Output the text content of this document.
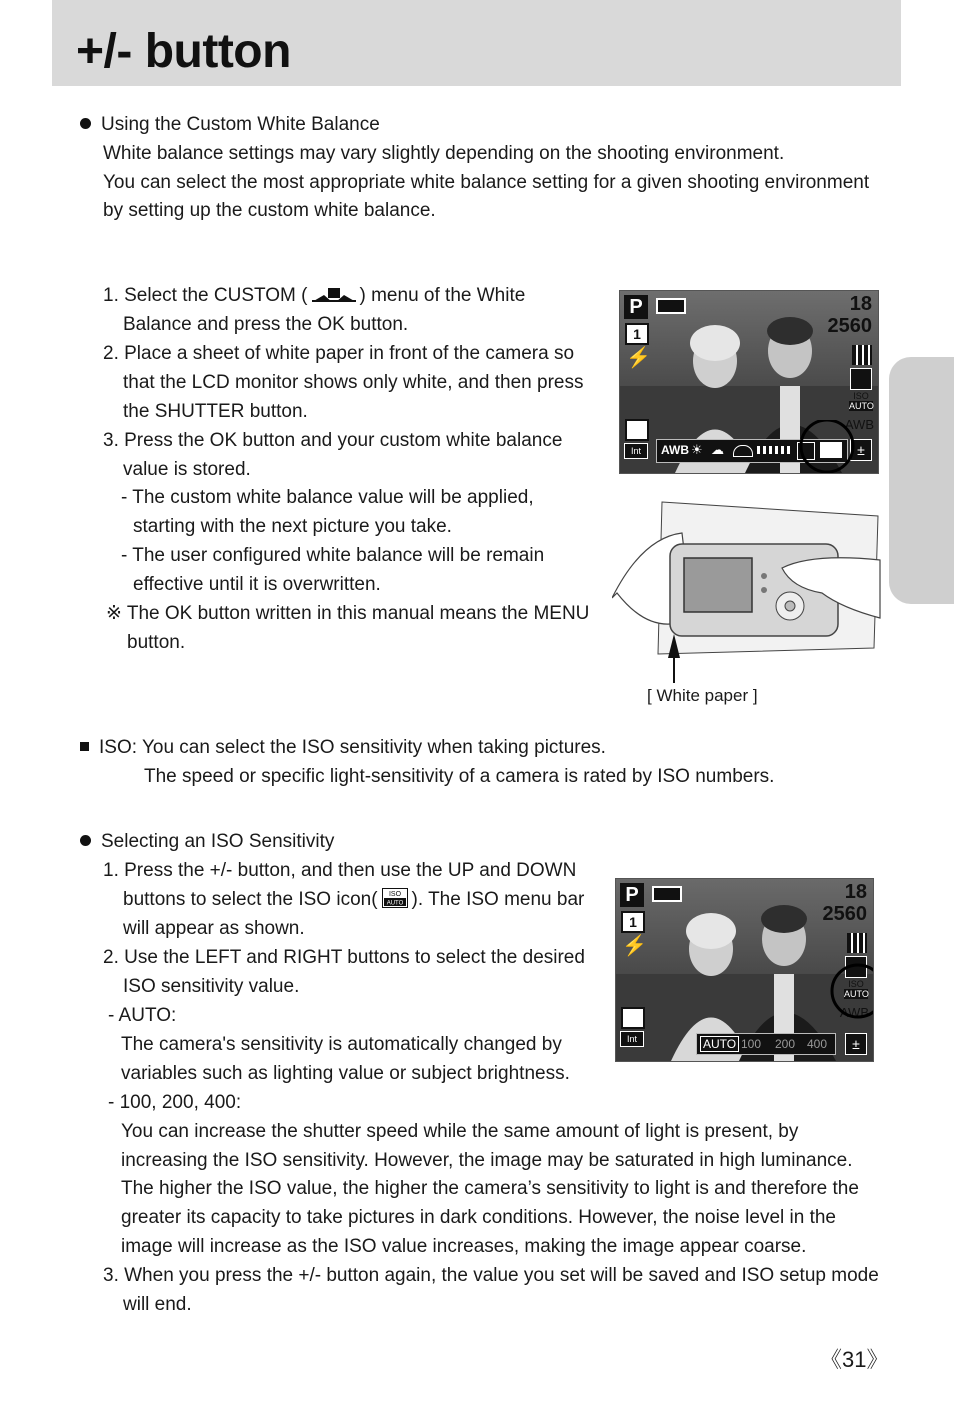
+/- button
Using the Custom White Balance
White balance settings may vary slightly depending on the shooting environment.
You can select the most appropriate white balance setting for a given shooting environment
by setting up the custom white balance.
1. Select the CUSTOM (	) menu of the White
Balance and press the OK button.
2. Place a sheet of white paper in front of the camera so
that the LCD monitor shows only white, and then press
the SHUTTER button.
3. Press the OK button and your custom white balance
value is stored.
- The custom white balance value will be applied,
starting with the next picture you take.
- The user configured white balance will be remain
effective until it is overwritten.
※ The OK button written in this manual means the MENU
button.
P	18
2560
1
⚡
ISO
AUTO
AWB
Int	AWB ☀ ☁	±
[ White paper ]
ISO: You can select the ISO sensitivity when taking pictures.
The speed or specific light-sensitivity of a camera is rated by ISO numbers.
Selecting an ISO Sensitivity
1. Press the +/- button, and then use the UP and DOWN
buttons to select the ISO icon( ISO
AUTO ). The ISO menu bar
will appear as shown.
2. Use the LEFT and RIGHT buttons to select the desired
ISO sensitivity value.
- AUTO:
The camera's sensitivity is automatically changed by
variables such as lighting value or subject brightness.
- 100, 200, 400:
You can increase the shutter speed while the same amount of light is present, by
increasing the ISO sensitivity. However, the image may be saturated in high luminance.
The higher the ISO value, the higher the camera’s sensitivity to light is and therefore the
greater its capacity to take pictures in dark conditions. However, the noise level in the
image will increase as the ISO value increases, making the image appear coarse.
3. When you press the +/- button again, the value you set will be saved and ISO setup mode
will end.
P	18
2560
1
⚡
ISO
AUTO
AWB
Int	AUTO 100 200 400	±
《31》
